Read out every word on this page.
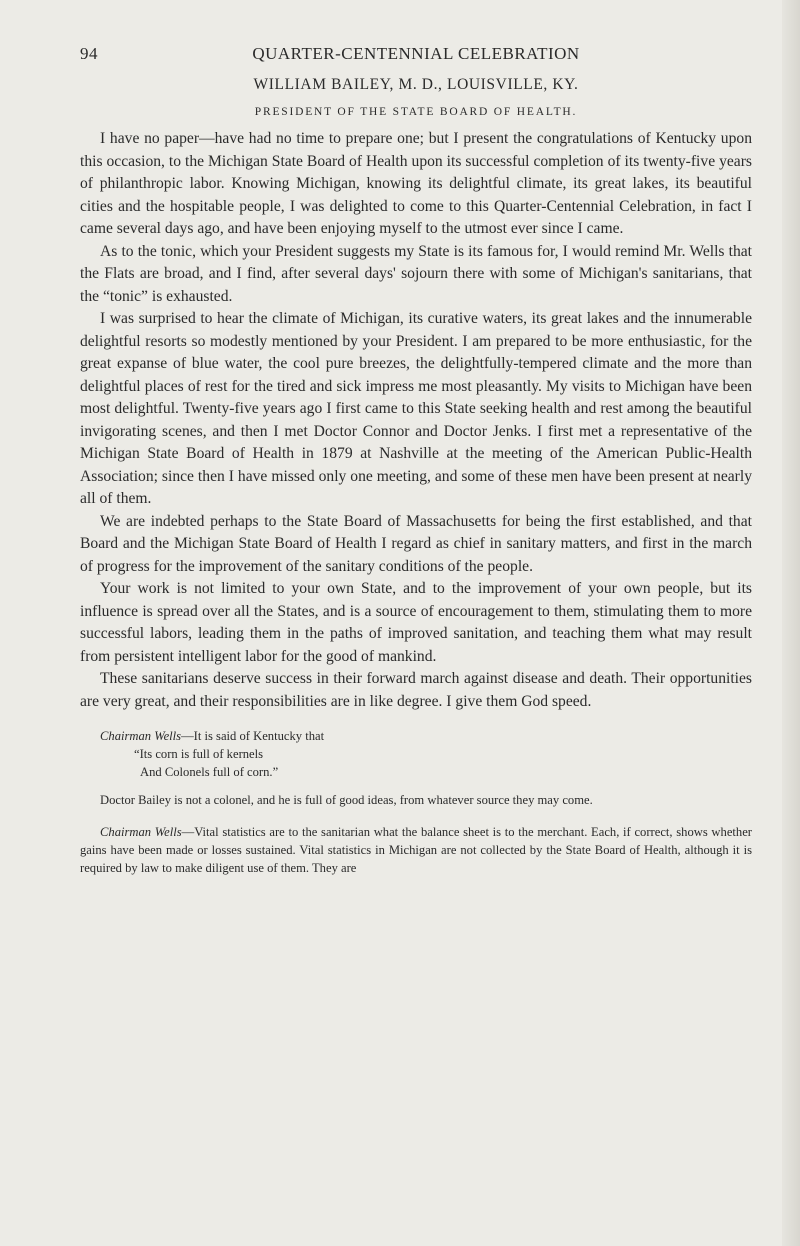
94	QUARTER-CENTENNIAL CELEBRATION
WILLIAM BAILEY, M. D., LOUISVILLE, KY.
PRESIDENT OF THE STATE BOARD OF HEALTH.

I have no paper—have had no time to prepare one; but I present the congratulations of Kentucky upon this occasion, to the Michigan State Board of Health upon its successful completion of its twenty-five years of philanthropic labor. Knowing Michigan, knowing its delightful climate, its great lakes, its beautiful cities and the hospitable people, I was delighted to come to this Quarter-Centennial Celebration, in fact I came several days ago, and have been enjoying myself to the utmost ever since I came.

As to the tonic, which your President suggests my State is its famous for, I would remind Mr. Wells that the Flats are broad, and I find, after several days' sojourn there with some of Michigan's sanitarians, that the “tonic” is exhausted.

I was surprised to hear the climate of Michigan, its curative waters, its great lakes and the innumerable delightful resorts so modestly mentioned by your President. I am prepared to be more enthusiastic, for the great expanse of blue water, the cool pure breezes, the delightfully-tempered climate and the more than delightful places of rest for the tired and sick impress me most pleasantly. My visits to Michigan have been most delightful. Twenty-five years ago I first came to this State seeking health and rest among the beautiful invigorating scenes, and then I met Doctor Connor and Doctor Jenks. I first met a representative of the Michigan State Board of Health in 1879 at Nashville at the meeting of the American Public-Health Association; since then I have missed only one meeting, and some of these men have been present at nearly all of them.

We are indebted perhaps to the State Board of Massachusetts for being the first established, and that Board and the Michigan State Board of Health I regard as chief in sanitary matters, and first in the march of progress for the improvement of the sanitary conditions of the people.

Your work is not limited to your own State, and to the improvement of your own people, but its influence is spread over all the States, and is a source of encouragement to them, stimulating them to more successful labors, leading them in the paths of improved sanitation, and teaching them what may result from persistent intelligent labor for the good of mankind.

These sanitarians deserve success in their forward march against disease and death. Their opportunities are very great, and their responsibilities are in like degree. I give them God speed.

Chairman Wells—It is said of Kentucky that

“Its corn is full of kernels
And Colonels full of corn.”

Doctor Bailey is not a colonel, and he is full of good ideas, from whatever source they may come.

Chairman Wells—Vital statistics are to the sanitarian what the balance sheet is to the merchant. Each, if correct, shows whether gains have been made or losses sustained. Vital statistics in Michigan are not collected by the State Board of Health, although it is required by law to make diligent use of them. They are
